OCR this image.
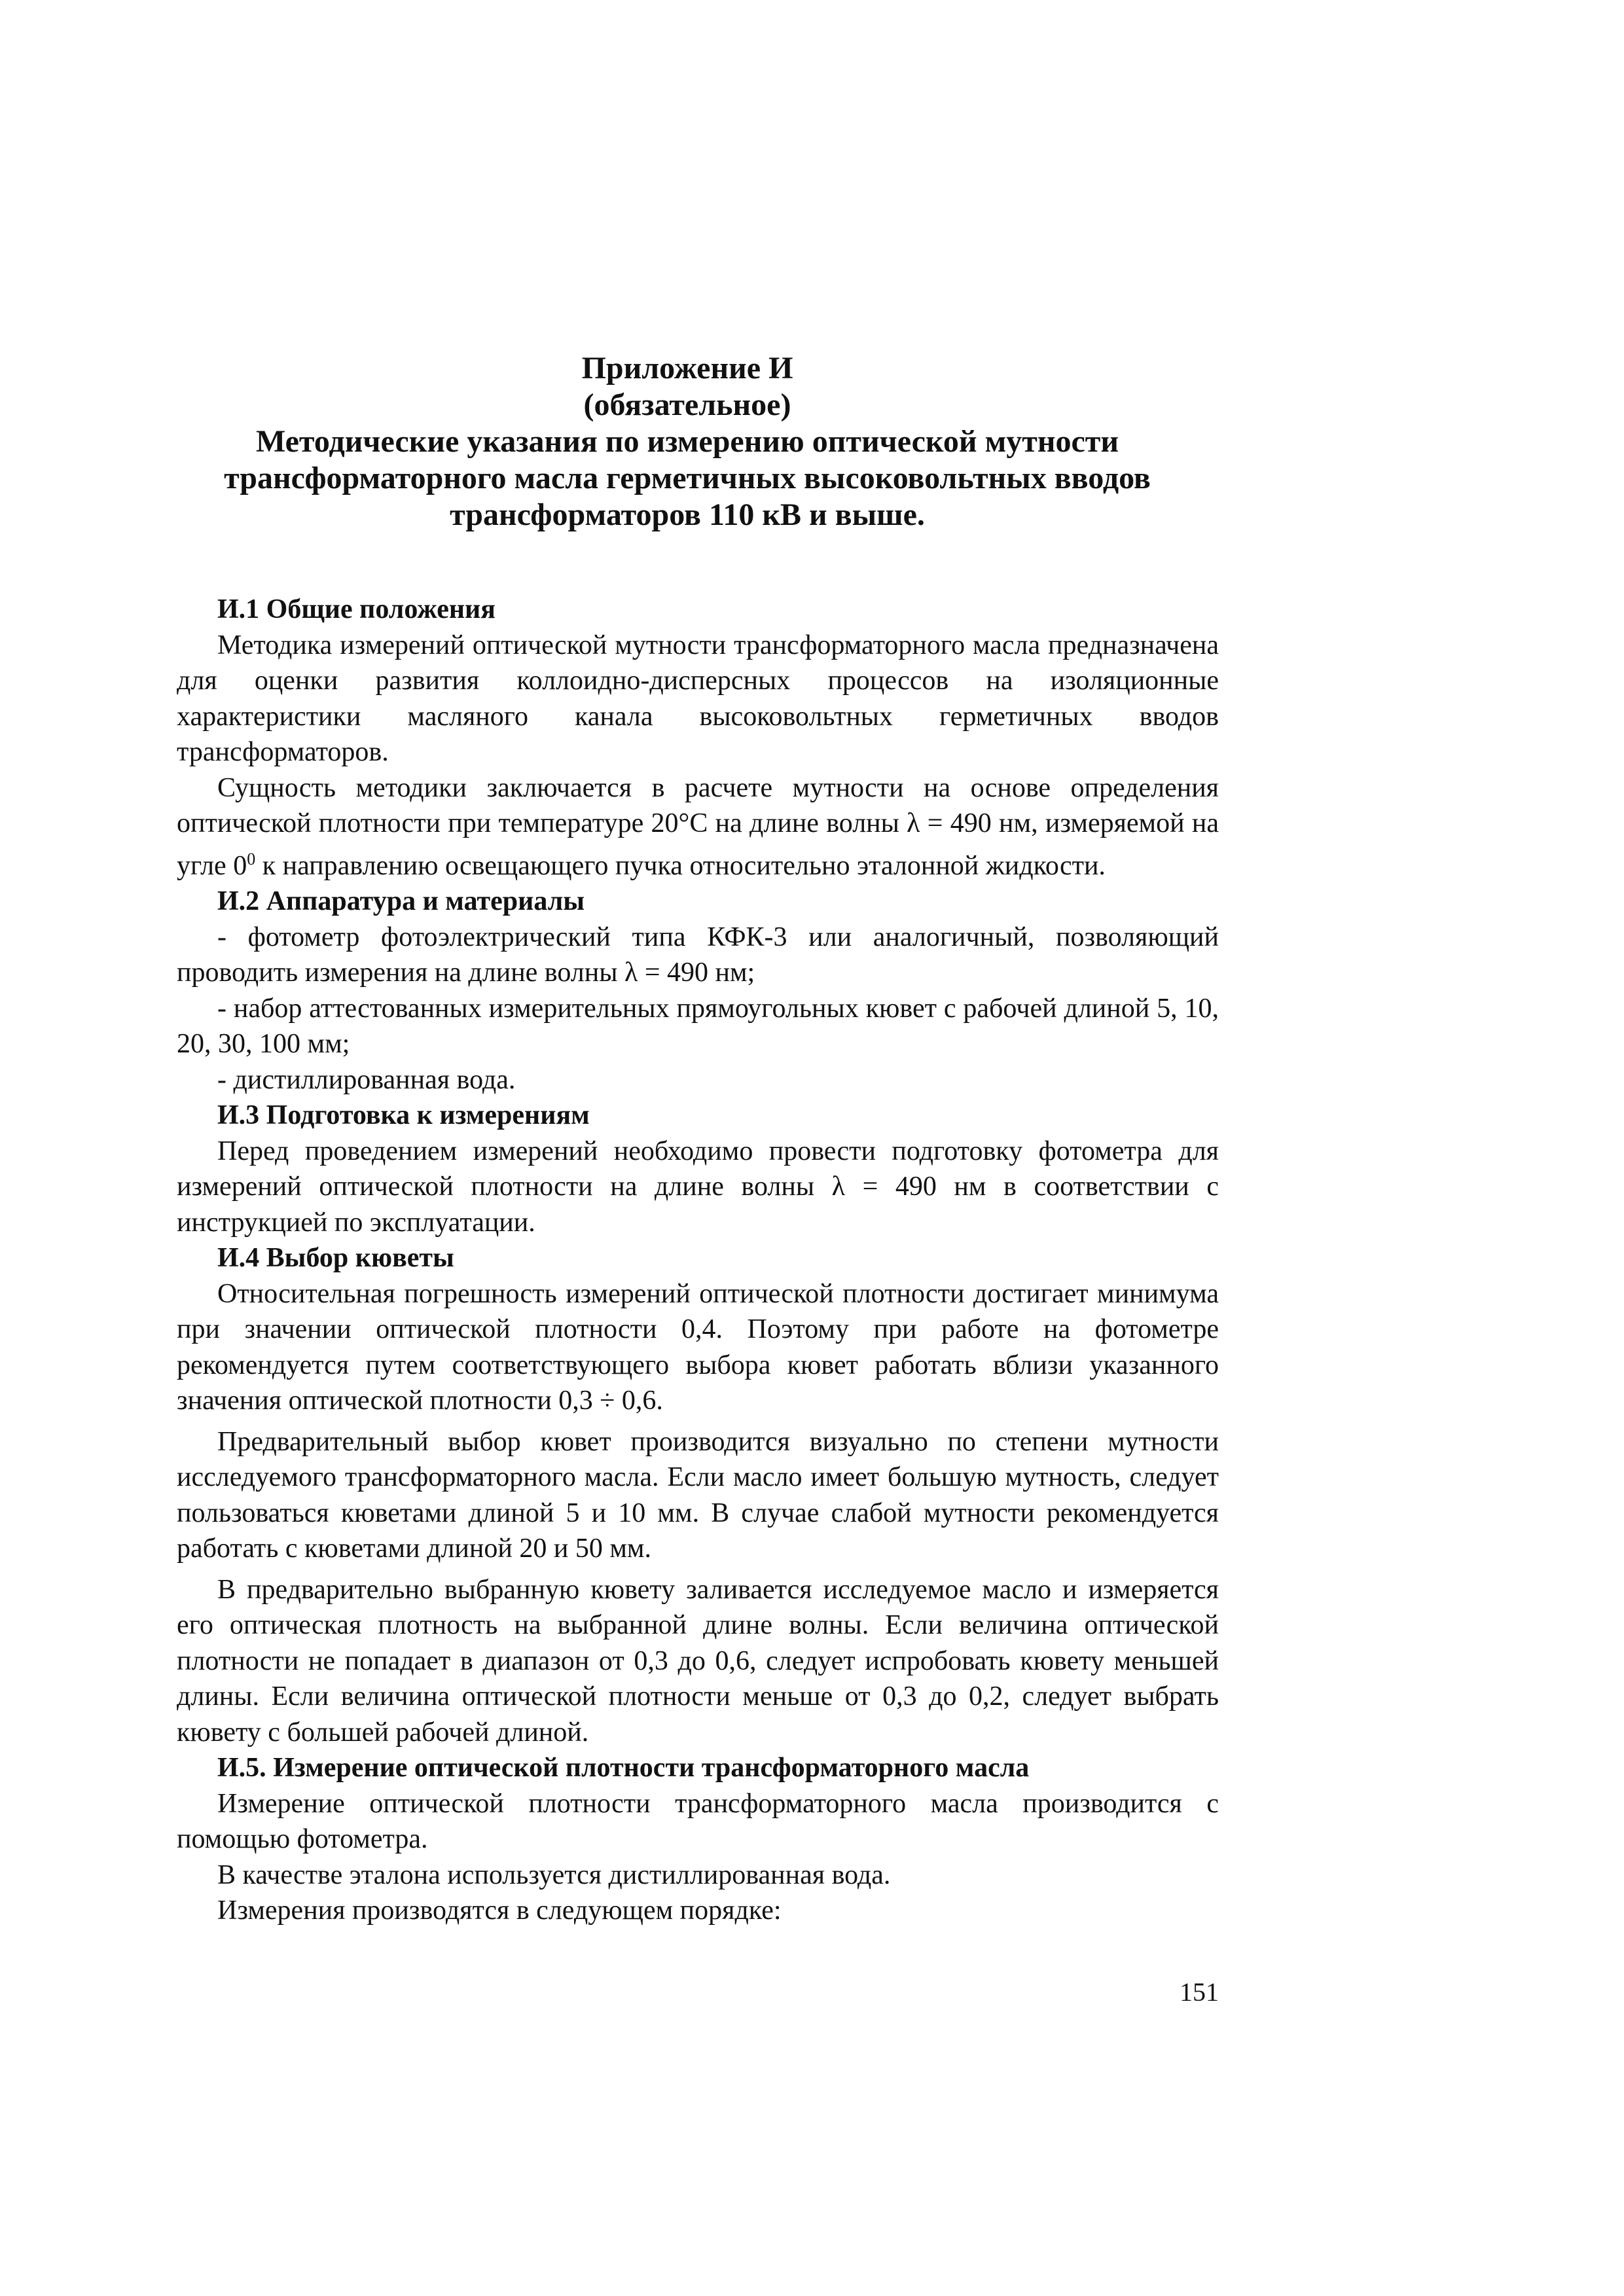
Приложение И
(обязательное)
Методические указания по измерению оптической мутности
трансформаторного масла герметичных высоковольтных вводов
трансформаторов 110 кВ и выше.

И.1 Общие положения

Методика измерений оптической мутности трансформаторного масла предназначена для оценки развития коллоидно-дисперсных процессов на изоляционные характеристики масляного канала высоковольтных герметичных вводов трансформаторов.

Сущность методики заключается в расчете мутности на основе определения оптической плотности при температуре 20°С на длине волны λ = 490 нм, измеряемой на угле $0^0$ к направлению освещающего пучка относительно эталонной жидкости.

И.2 Аппаратура и материалы

- фотометр фотоэлектрический типа КФК-3 или аналогичный, позволяющий проводить измерения на длине волны λ = 490 нм;

- набор аттестованных измерительных прямоугольных кювет с рабочей длиной 5, 10, 20, 30, 100 мм;

- дистиллированная вода.

И.3 Подготовка к измерениям

Перед проведением измерений необходимо провести подготовку фотометра для измерений оптической плотности на длине волны λ = 490 нм в соответствии с инструкцией по эксплуатации.

И.4 Выбор кюветы

Относительная погрешность измерений оптической плотности достигает минимума при значении оптической плотности 0,4. Поэтому при работе на фотометре рекомендуется путем соответствующего выбора кювет работать вблизи указанного значения оптической плотности 0,3 ÷ 0,6.

Предварительный выбор кювет производится визуально по степени мутности исследуемого трансформаторного масла. Если масло имеет большую мутность, следует пользоваться кюветами длиной 5 и 10 мм. В случае слабой мутности рекомендуется работать с кюветами длиной 20 и 50 мм.

В предварительно выбранную кювету заливается исследуемое масло и измеряется его оптическая плотность на выбранной длине волны. Если величина оптической плотности не попадает в диапазон от 0,3 до 0,6, следует испробовать кювету меньшей длины. Если величина оптической плотности меньше от 0,3 до 0,2, следует выбрать кювету с большей рабочей длиной.

И.5. Измерение оптической плотности трансформаторного масла

Измерение оптической плотности трансформаторного масла производится с помощью фотометра.

В качестве эталона используется дистиллированная вода.

Измерения производятся в следующем порядке:

151
